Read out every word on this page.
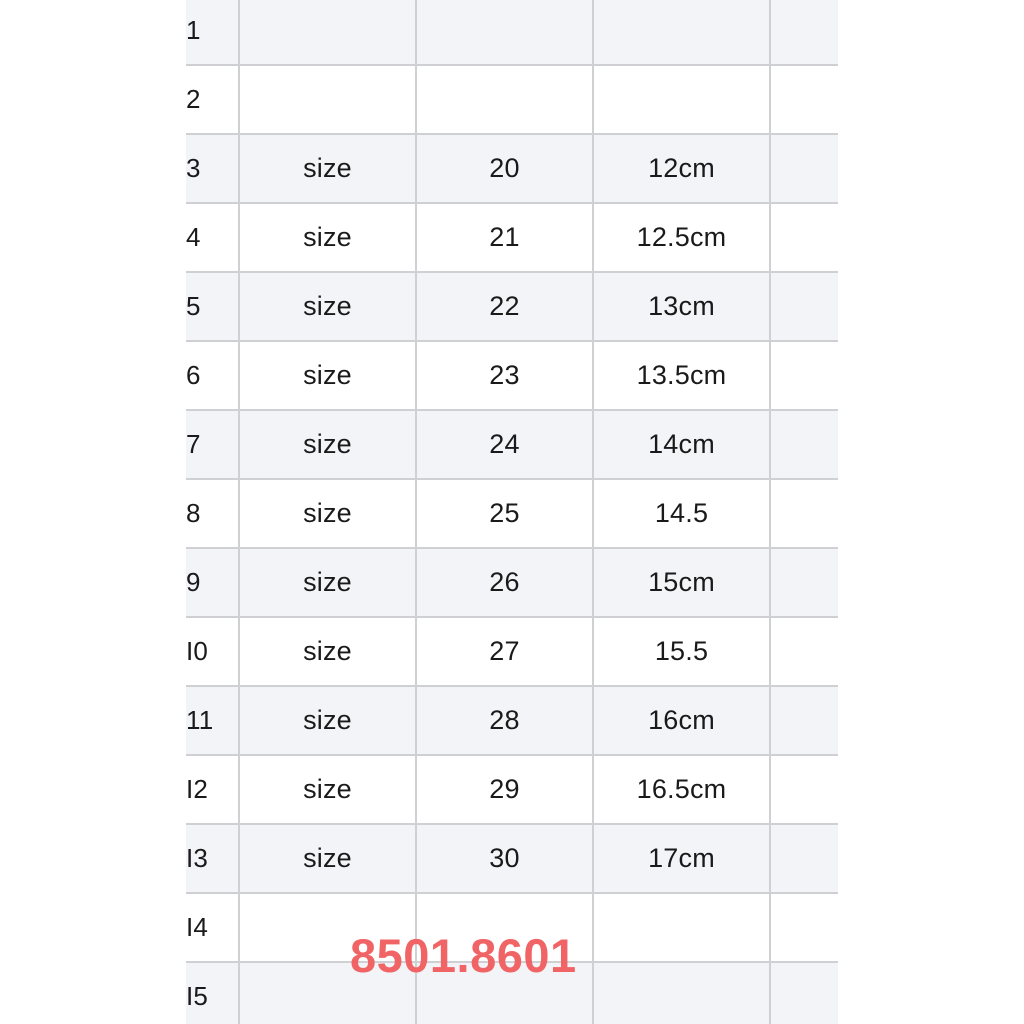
1
2
3	size	20	12cm
4	size	21	12.5cm
5	size	22	13cm
6	size	23	13.5cm
7	size	24	14cm
8	size	25	14.5
9	size	26	15cm
I0	size	27	15.5
11	size	28	16cm
I2	size	29	16.5cm
I3	size	30	17cm
I4
I5
8501.8601
